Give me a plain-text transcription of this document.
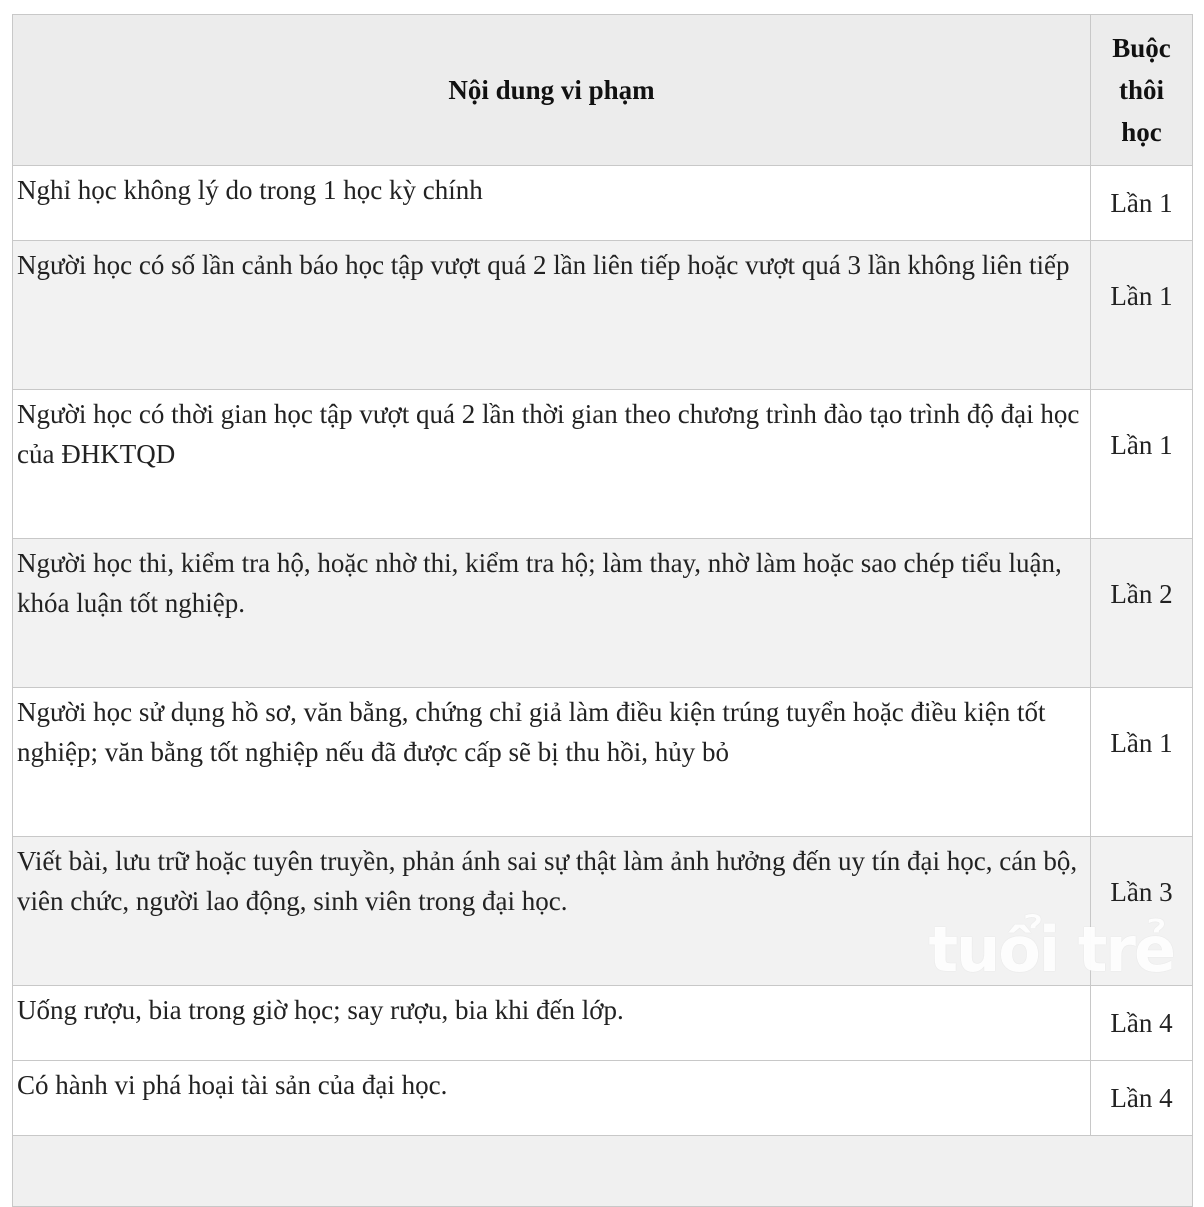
Nội dung vi phạm	Buộc
thôi
học
Nghỉ học không lý do trong 1 học kỳ chính	Lần 1
Người học có số lần cảnh báo học tập vượt quá 2 lần liên tiếp hoặc vượt quá 3 lần không liên tiếp	Lần 1
Người học có thời gian học tập vượt quá 2 lần thời gian theo chương trình đào tạo trình độ đại học của ĐHKTQD	Lần 1
Người học thi, kiểm tra hộ, hoặc nhờ thi, kiểm tra hộ; làm thay, nhờ làm hoặc sao chép tiểu luận, khóa luận tốt nghiệp.	Lần 2
Người học sử dụng hồ sơ, văn bằng, chứng chỉ giả làm điều kiện trúng tuyển hoặc điều kiện tốt nghiệp; văn bằng tốt nghiệp nếu đã được cấp sẽ bị thu hồi, hủy bỏ	Lần 1
Viết bài, lưu trữ hoặc tuyên truyền, phản ánh sai sự thật làm ảnh hưởng đến uy tín đại học, cán bộ, viên chức, người lao động, sinh viên trong đại học.	Lần 3
Uống rượu, bia trong giờ học; say rượu, bia khi đến lớp.	Lần 4
Có hành vi phá hoại tài sản của đại học.	Lần 4

tuổi trẻ
